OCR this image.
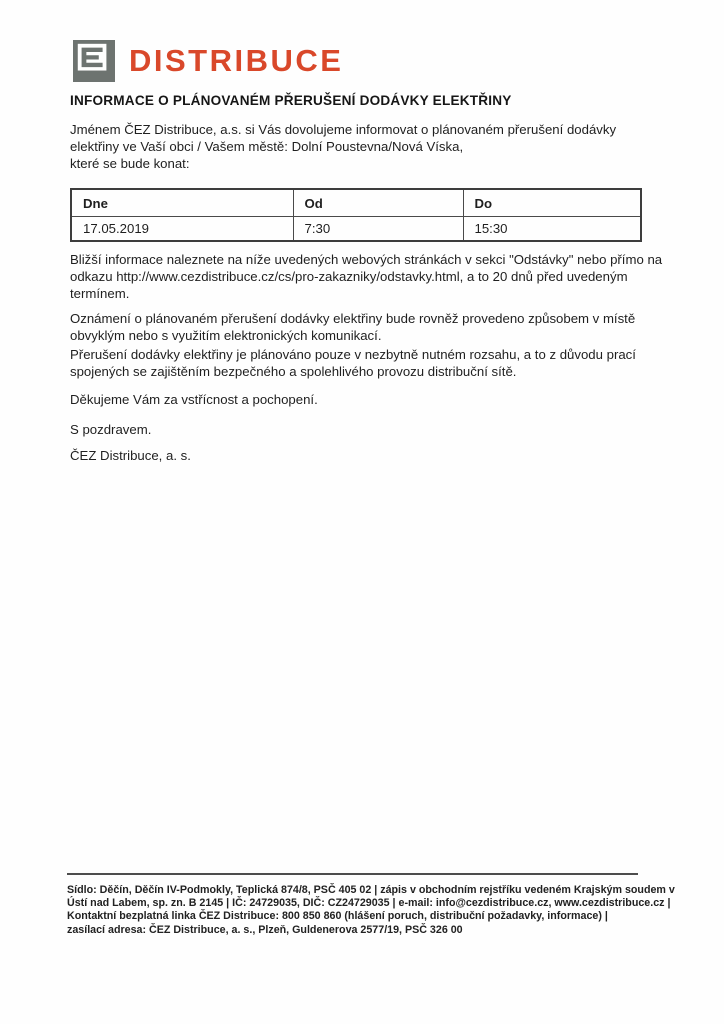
DISTRIBUCE
INFORMACE O PLÁNOVANÉM PŘERUŠENÍ DODÁVKY ELEKTŘINY
Jménem ČEZ Distribuce, a.s. si Vás dovolujeme informovat o plánovaném přerušení dodávky
elektřiny ve Vaší obci / Vašem městě: Dolní Poustevna/Nová Víska,
které se bude konat:
Dne	Od	Do
17.05.2019	7:30	15:30
Bližší informace naleznete na níže uvedených webových stránkách v sekci "Odstávky" nebo přímo na
odkazu http://www.cezdistribuce.cz/cs/pro-zakazniky/odstavky.html, a to 20 dnů před uvedeným
termínem.
Oznámení o plánovaném přerušení dodávky elektřiny bude rovněž provedeno způsobem v místě
obvyklým nebo s využitím elektronických komunikací.
Přerušení dodávky elektřiny je plánováno pouze v nezbytně nutném rozsahu, a to z důvodu prací
spojených se zajištěním bezpečného a spolehlivého provozu distribuční sítě.
Děkujeme Vám za vstřícnost a pochopení.
S pozdravem.
ČEZ Distribuce, a. s.
Sídlo: Děčín, Děčín IV-Podmokly, Teplická 874/8, PSČ 405 02 | zápis v obchodním rejstříku vedeném Krajským soudem v
Ústí nad Labem, sp. zn. B 2145 | IČ: 24729035, DIČ: CZ24729035 | e-mail: info@cezdistribuce.cz, www.cezdistribuce.cz |
Kontaktní bezplatná linka ČEZ Distribuce: 800 850 860 (hlášení poruch, distribuční požadavky, informace) |
zasílací adresa: ČEZ Distribuce, a. s., Plzeň, Guldenerova 2577/19, PSČ 326 00
